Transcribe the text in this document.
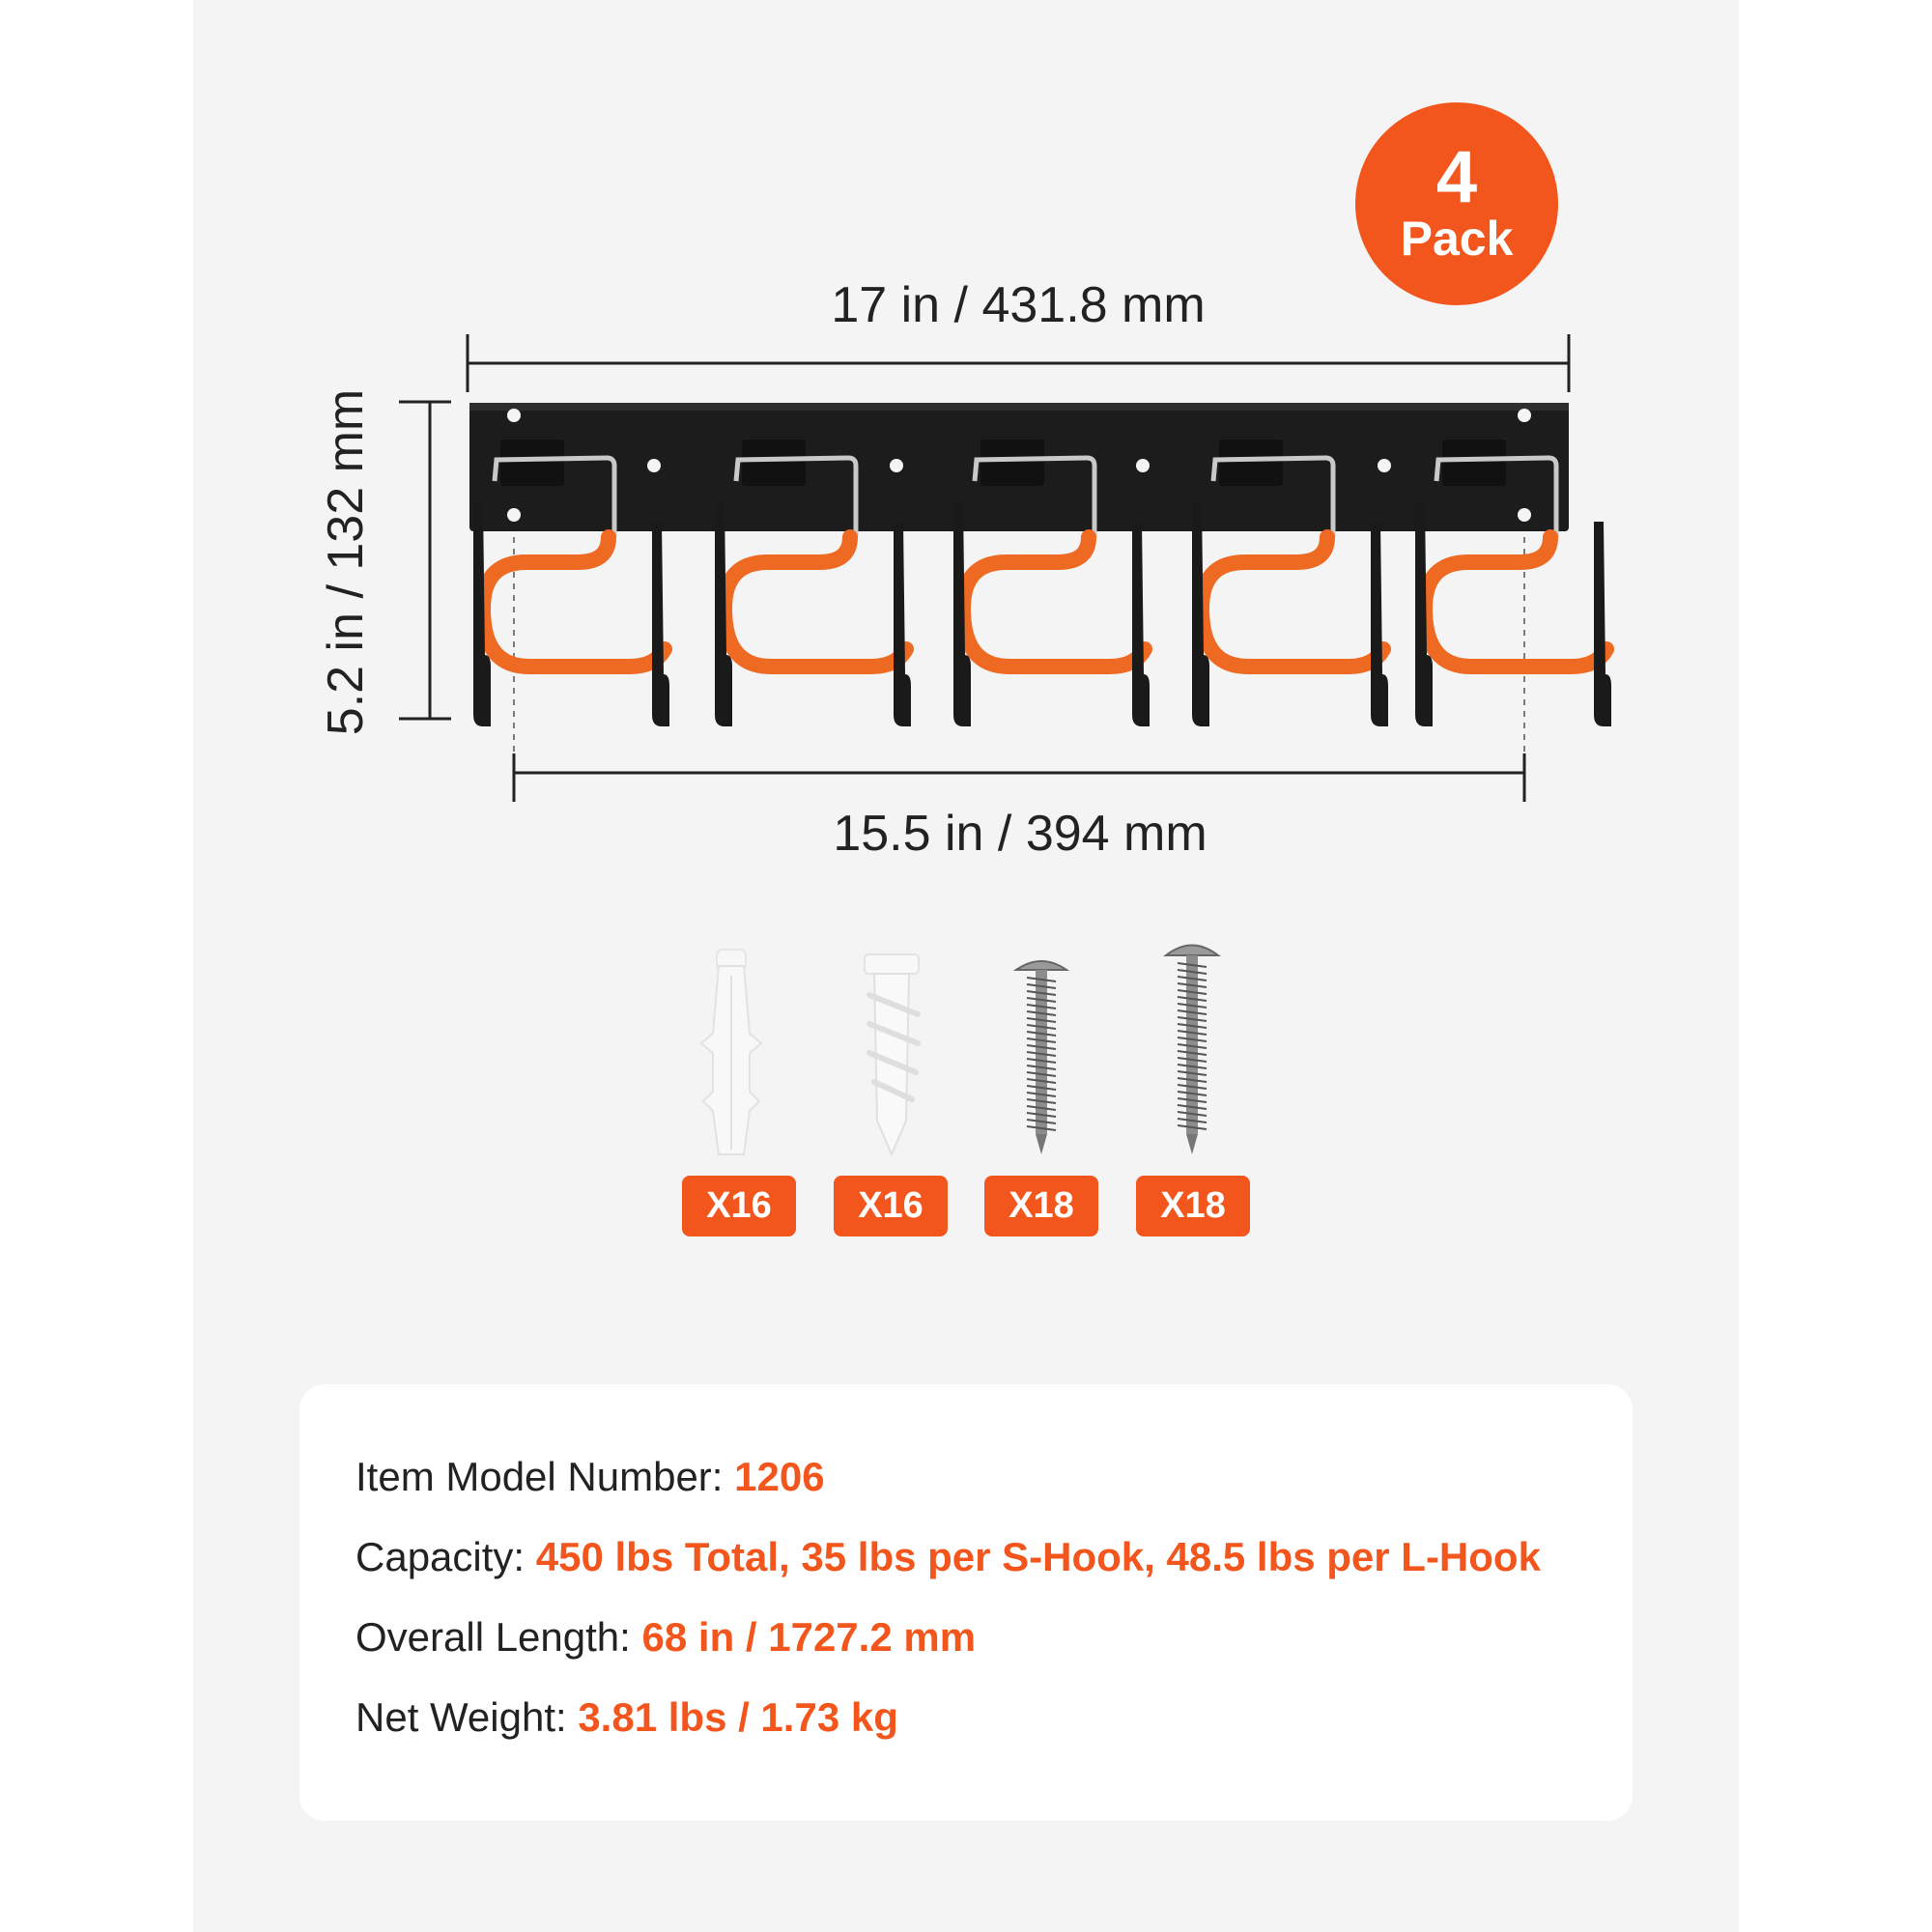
17 in / 431.8 mm
5.2 in / 132 mm
15.5 in / 394 mm
4
Pack
X16	X16	X18	X18
Item Model Number: 1206
Capacity: 450 lbs Total, 35 lbs per S-Hook, 48.5 lbs per L-Hook
Overall Length: 68 in / 1727.2 mm
Net Weight: 3.81 lbs / 1.73 kg
